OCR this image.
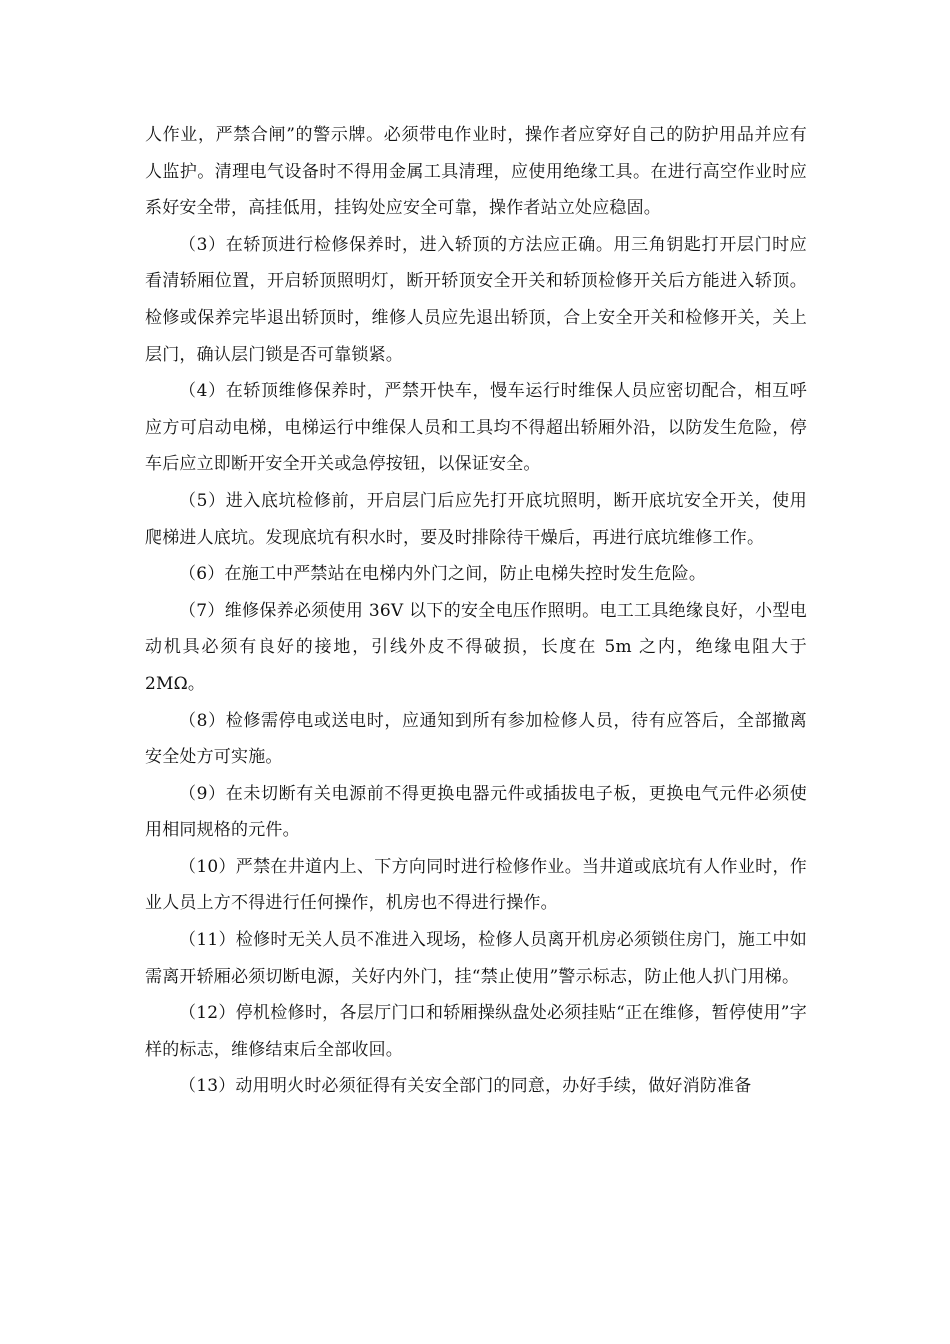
人作业，严禁合闸”的警示牌。必须带电作业时，操作者应穿好自己的防护用品并应有人监护。清理电气设备时不得用金属工具清理，应使用绝缘工具。在进行高空作业时应系好安全带，高挂低用，挂钩处应安全可靠，操作者站立处应稳固。

（3）在轿顶进行检修保养时，进入轿顶的方法应正确。用三角钥匙打开层门时应看清轿厢位置，开启轿顶照明灯，断开轿顶安全开关和轿顶检修开关后方能进入轿顶。检修或保养完毕退出轿顶时，维修人员应先退出轿顶，合上安全开关和检修开关，关上层门，确认层门锁是否可靠锁紧。

（4）在轿顶维修保养时，严禁开快车，慢车运行时维保人员应密切配合，相互呼应方可启动电梯，电梯运行中维保人员和工具均不得超出轿厢外沿，以防发生危险，停车后应立即断开安全开关或急停按钮，以保证安全。

（5）进入底坑检修前，开启层门后应先打开底坑照明，断开底坑安全开关，使用爬梯进人底坑。发现底坑有积水时，要及时排除待干燥后，再进行底坑维修工作。

（6）在施工中严禁站在电梯内外门之间，防止电梯失控时发生危险。

（7）维修保养必须使用 36V 以下的安全电压作照明。电工工具绝缘良好，小型电动机具必须有良好的接地，引线外皮不得破损，长度在 5m 之内，绝缘电阻大于 2MΩ。

（8）检修需停电或送电时，应通知到所有参加检修人员，待有应答后，全部撤离安全处方可实施。

（9）在未切断有关电源前不得更换电器元件或插拔电子板，更换电气元件必须使用相同规格的元件。

（10）严禁在井道内上、下方向同时进行检修作业。当井道或底坑有人作业时，作业人员上方不得进行任何操作，机房也不得进行操作。

（11）检修时无关人员不准进入现场，检修人员离开机房必须锁住房门，施工中如需离开轿厢必须切断电源，关好内外门，挂“禁止使用”警示标志，防止他人扒门用梯。

（12）停机检修时，各层厅门口和轿厢操纵盘处必须挂贴“正在维修，暂停使用”字样的标志，维修结束后全部收回。

（13）动用明火时必须征得有关安全部门的同意，办好手续，做好消防准备
